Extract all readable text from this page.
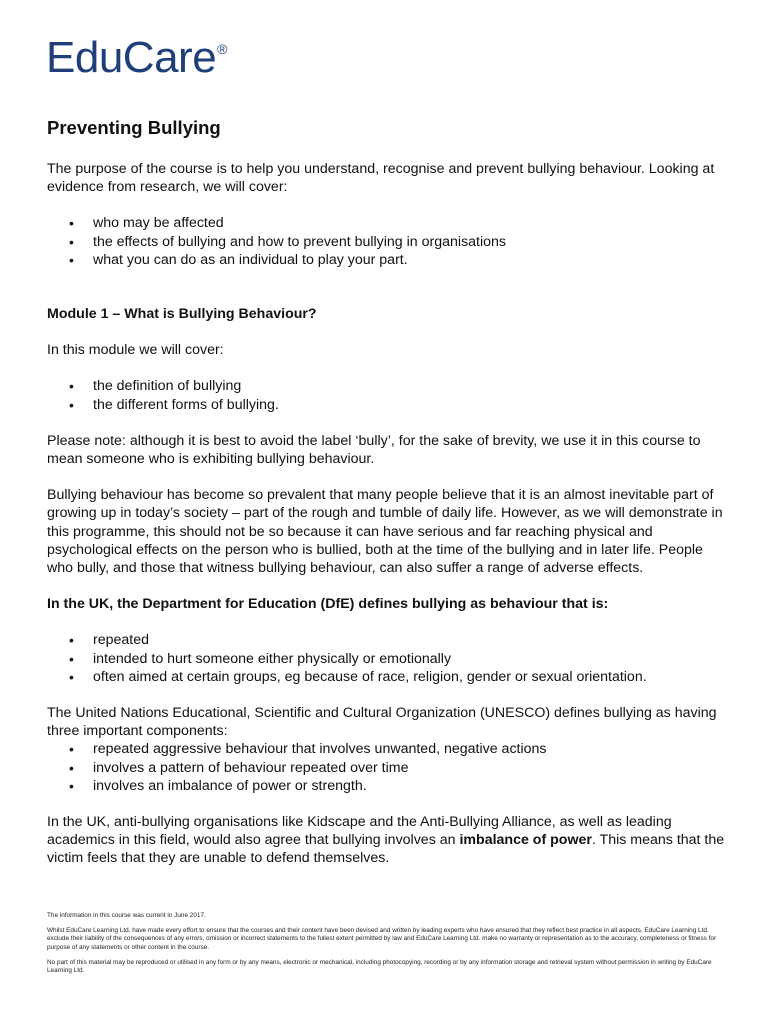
EduCare®
Preventing Bullying

The purpose of the course is to help you understand, recognise and prevent bullying behaviour. Looking at evidence from research, we will cover:

• who may be affected
• the effects of bullying and how to prevent bullying in organisations
• what you can do as an individual to play your part.
Module 1 – What is Bullying Behaviour?

In this module we will cover:

• the definition of bullying
• the different forms of bullying.

Please note: although it is best to avoid the label ‘bully’, for the sake of brevity, we use it in this course to mean someone who is exhibiting bullying behaviour.

Bullying behaviour has become so prevalent that many people believe that it is an almost inevitable part of growing up in today’s society – part of the rough and tumble of daily life. However, as we will demonstrate in this programme, this should not be so because it can have serious and far reaching physical and psychological effects on the person who is bullied, both at the time of the bullying and in later life. People who bully, and those that witness bullying behaviour, can also suffer a range of adverse effects.

In the UK, the Department for Education (DfE) defines bullying as behaviour that is:

• repeated
• intended to hurt someone either physically or emotionally
• often aimed at certain groups, eg because of race, religion, gender or sexual orientation.

The United Nations Educational, Scientific and Cultural Organization (UNESCO) defines bullying as having three important components:

• repeated aggressive behaviour that involves unwanted, negative actions
• involves a pattern of behaviour repeated over time
• involves an imbalance of power or strength.

In the UK, anti-bullying organisations like Kidscape and the Anti-Bullying Alliance, as well as leading academics in this field, would also agree that bullying involves an imbalance of power. This means that the victim feels that they are unable to defend themselves.

The information in this course was current in June 2017.

Whilst EduCare Learning Ltd. have made every effort to ensure that the courses and their content have been devised and written by leading experts who have ensured that they reflect best practice in all aspects, EduCare Learning Ltd. exclude their liability of the consequences of any errors, omission or incorrect statements to the fullest extent permitted by law and EduCare Learning Ltd. make no warranty or representation as to the accuracy, completeness or fitness for purpose of any statements or other content in the course.

No part of this material may be reproduced or utilised in any form or by any means, electronic or mechanical, including photocopying, recording or by any information storage and retrieval system without permission in writing by EduCare Learning Ltd.
